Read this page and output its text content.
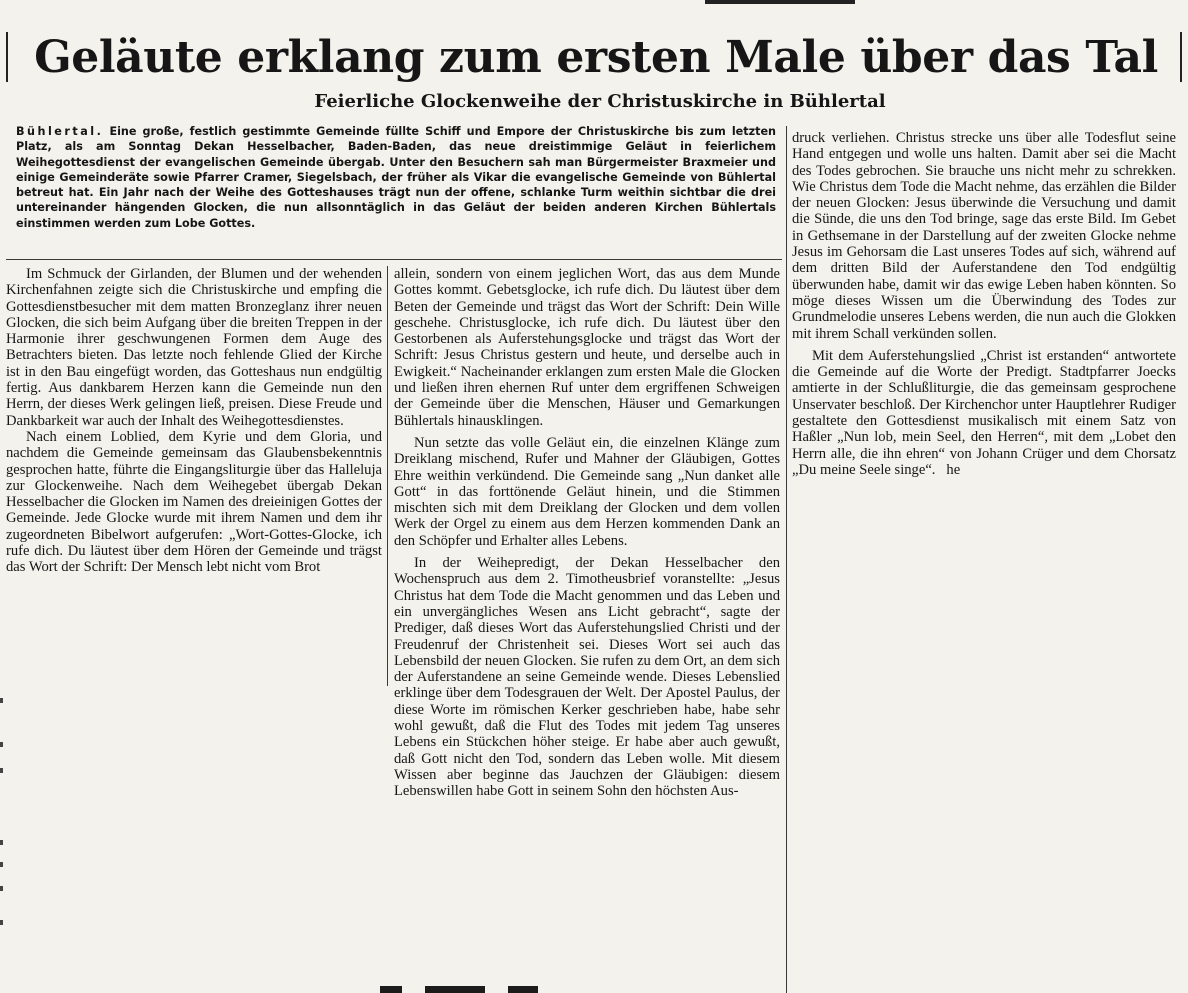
Geläute erklang zum ersten Male über das Tal
Feierliche Glockenweihe der Christuskirche in Bühlertal
Bühlertal. Eine große, festlich gestimmte Gemeinde füllte Schiff und Empore der Christuskirche bis zum letzten Platz, als am Sonntag Dekan Hesselbacher, Baden-Baden, das neue dreistimmige Geläut in feierlichem Weihegottesdienst der evangelischen Gemeinde übergab. Unter den Besuchern sah man Bürgermeister Braxmeier und einige Gemeinderäte sowie Pfarrer Cramer, Siegelsbach, der früher als Vikar die evangelische Gemeinde von Bühlertal betreut hat. Ein Jahr nach der Weihe des Gotteshauses trägt nun der offene, schlanke Turm weithin sichtbar die drei untereinander hängenden Glocken, die nun allsonntäglich in das Geläut der beiden anderen Kirchen Bühlertals einstimmen werden zum Lobe Gottes.

Im Schmuck der Girlanden, der Blumen und der wehenden Kirchenfahnen zeigte sich die Christuskirche und empfing die Gottesdienstbesucher mit dem matten Bronzeglanz ihrer neuen Glocken, die sich beim Aufgang über die breiten Treppen in der Harmonie ihrer geschwungenen Formen dem Auge des Betrachters bieten. Das letzte noch fehlende Glied der Kirche ist in den Bau eingefügt worden, das Gotteshaus nun endgültig fertig. Aus dankbarem Herzen kann die Gemeinde nun den Herrn, der dieses Werk gelingen ließ, preisen. Diese Freude und Dankbarkeit war auch der Inhalt des Weihegottesdienstes.

Nach einem Loblied, dem Kyrie und dem Gloria, und nachdem die Gemeinde gemeinsam das Glaubensbekenntnis gesprochen hatte, führte die Eingangsliturgie über das Halleluja zur Glockenweihe. Nach dem Weihegebet übergab Dekan Hesselbacher die Glocken im Namen des dreieinigen Gottes der Gemeinde. Jede Glocke wurde mit ihrem Namen und dem ihr zugeordneten Bibelwort aufgerufen: „Wort-Gottes-Glocke, ich rufe dich. Du läutest über dem Hören der Gemeinde und trägst das Wort der Schrift: Der Mensch lebt nicht vom Brot

allein, sondern von einem jeglichen Wort, das aus dem Munde Gottes kommt. Gebetsglocke, ich rufe dich. Du läutest über dem Beten der Gemeinde und trägst das Wort der Schrift: Dein Wille geschehe. Christusglocke, ich rufe dich. Du läutest über den Gestorbenen als Auferstehungsglocke und trägst das Wort der Schrift: Jesus Christus gestern und heute, und derselbe auch in Ewigkeit.“ Nacheinander erklangen zum ersten Male die Glocken und ließen ihren ehernen Ruf unter dem ergriffenen Schweigen der Gemeinde über die Menschen, Häuser und Gemarkungen Bühlertals hinausklingen.

Nun setzte das volle Geläut ein, die einzelnen Klänge zum Dreiklang mischend, Rufer und Mahner der Gläubigen, Gottes Ehre weithin verkündend. Die Gemeinde sang „Nun danket alle Gott“ in das forttönende Geläut hinein, und die Stimmen mischten sich mit dem Dreiklang der Glocken und dem vollen Werk der Orgel zu einem aus dem Herzen kommenden Dank an den Schöpfer und Erhalter alles Lebens.

In der Weihepredigt, der Dekan Hesselbacher den Wochenspruch aus dem 2. Timotheusbrief voranstellte: „Jesus Christus hat dem Tode die Macht genommen und das Leben und ein unvergängliches Wesen ans Licht gebracht“, sagte der Prediger, daß dieses Wort das Auferstehungslied Christi und der Freudenruf der Christenheit sei. Dieses Wort sei auch das Lebensbild der neuen Glocken. Sie rufen zu dem Ort, an dem sich der Auferstandene an seine Gemeinde wende. Dieses Lebenslied erklinge über dem Todesgrauen der Welt. Der Apostel Paulus, der diese Worte im römischen Kerker geschrieben habe, habe sehr wohl gewußt, daß die Flut des Todes mit jedem Tag unseres Lebens ein Stückchen höher steige. Er habe aber auch gewußt, daß Gott nicht den Tod, sondern das Leben wolle. Mit diesem Wissen aber beginne das Jauchzen der Gläubigen: diesem Lebenswillen habe Gott in seinem Sohn den höchsten Aus-

druck verliehen. Christus strecke uns über alle Todesflut seine Hand entgegen und wolle uns halten. Damit aber sei die Macht des Todes gebrochen. Sie brauche uns nicht mehr zu schrekken. Wie Christus dem Tode die Macht nehme, das erzählen die Bilder der neuen Glocken: Jesus überwinde die Versuchung und damit die Sünde, die uns den Tod bringe, sage das erste Bild. Im Gebet in Gethsemane in der Darstellung auf der zweiten Glocke nehme Jesus im Gehorsam die Last unseres Todes auf sich, während auf dem dritten Bild der Auferstandene den Tod endgültig überwunden habe, damit wir das ewige Leben haben könnten. So möge dieses Wissen um die Überwindung des Todes zur Grundmelodie unseres Lebens werden, die nun auch die Glokken mit ihrem Schall verkünden sollen.

Mit dem Auferstehungslied „Christ ist erstanden“ antwortete die Gemeinde auf die Worte der Predigt. Stadtpfarrer Joecks amtierte in der Schlußliturgie, die das gemeinsam gesprochene Unservater beschloß. Der Kirchenchor unter Hauptlehrer Rudiger gestaltete den Gottesdienst musikalisch mit einem Satz von Haßler „Nun lob, mein Seel, den Herren“, mit dem „Lobet den Herrn alle, die ihn ehren“ von Johann Crüger und dem Chorsatz „Du meine Seele singe“. he
